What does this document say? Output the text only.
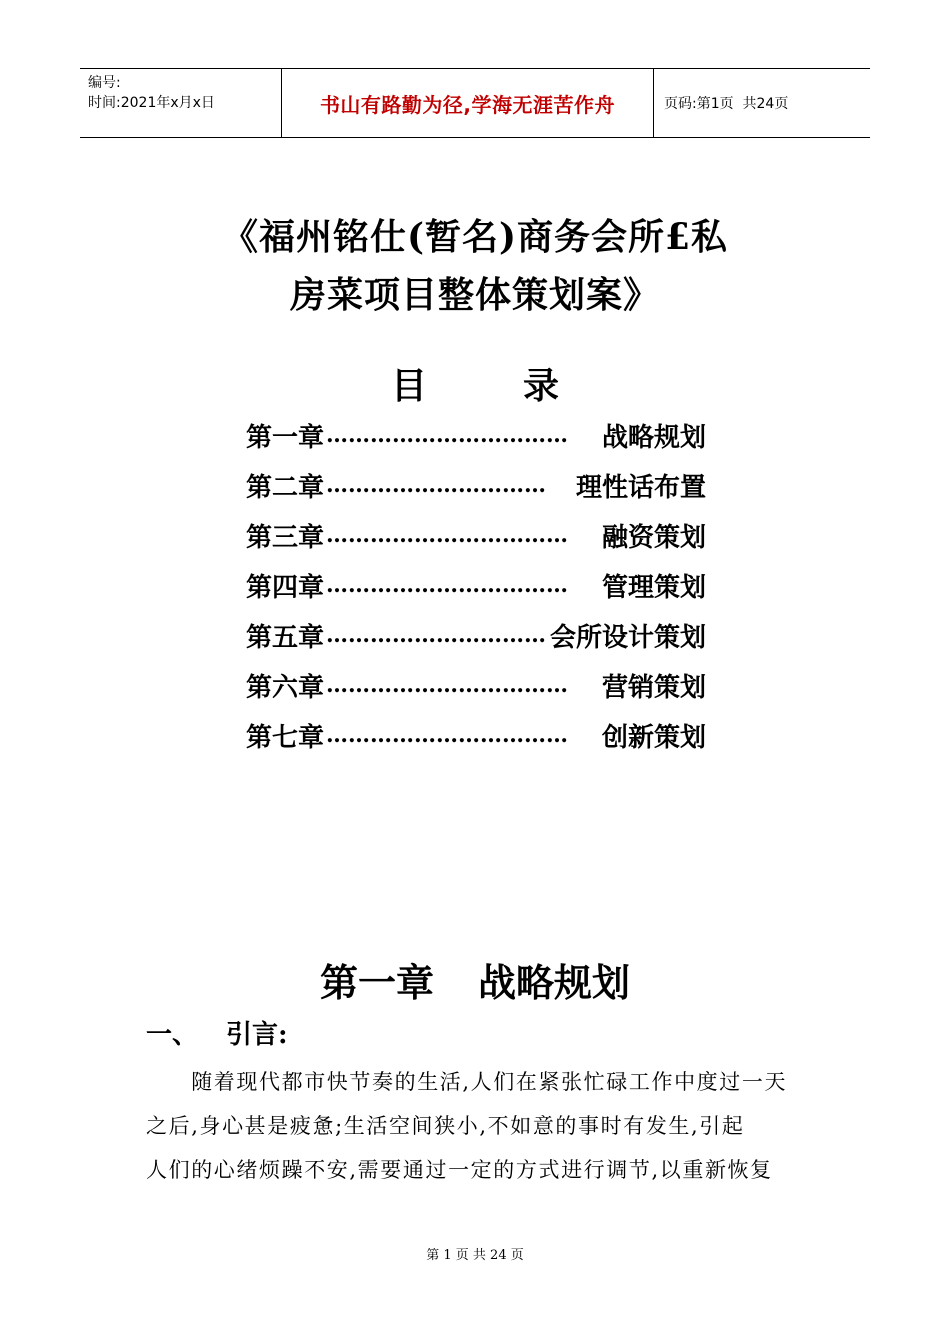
编号:
时间:2021年x月x日	书山有路勤为径,学海无涯苦作舟	页码:第1页  共24页
《福州铭仕(暂名)商务会所£私
房菜项目整体策划案》
目	录
第一章 ……………………………	战略规划
第二章 …………………………	理性话布置
第三章 ……………………………	融资策划
第四章 ……………………………	管理策划
第五章 ………………………… 会所设计策划
第六章 ……………………………	营销策划
第七章 ……………………………	创新策划
第一章 战略规划
一、 引言:
　　随着现代都市快节奏的生活,人们在紧张忙碌工作中度过一天
之后,身心甚是疲惫;生活空间狭小,不如意的事时有发生,引起
人们的心绪烦躁不安,需要通过一定的方式进行调节,以重新恢复
第 1 页 共 24 页
